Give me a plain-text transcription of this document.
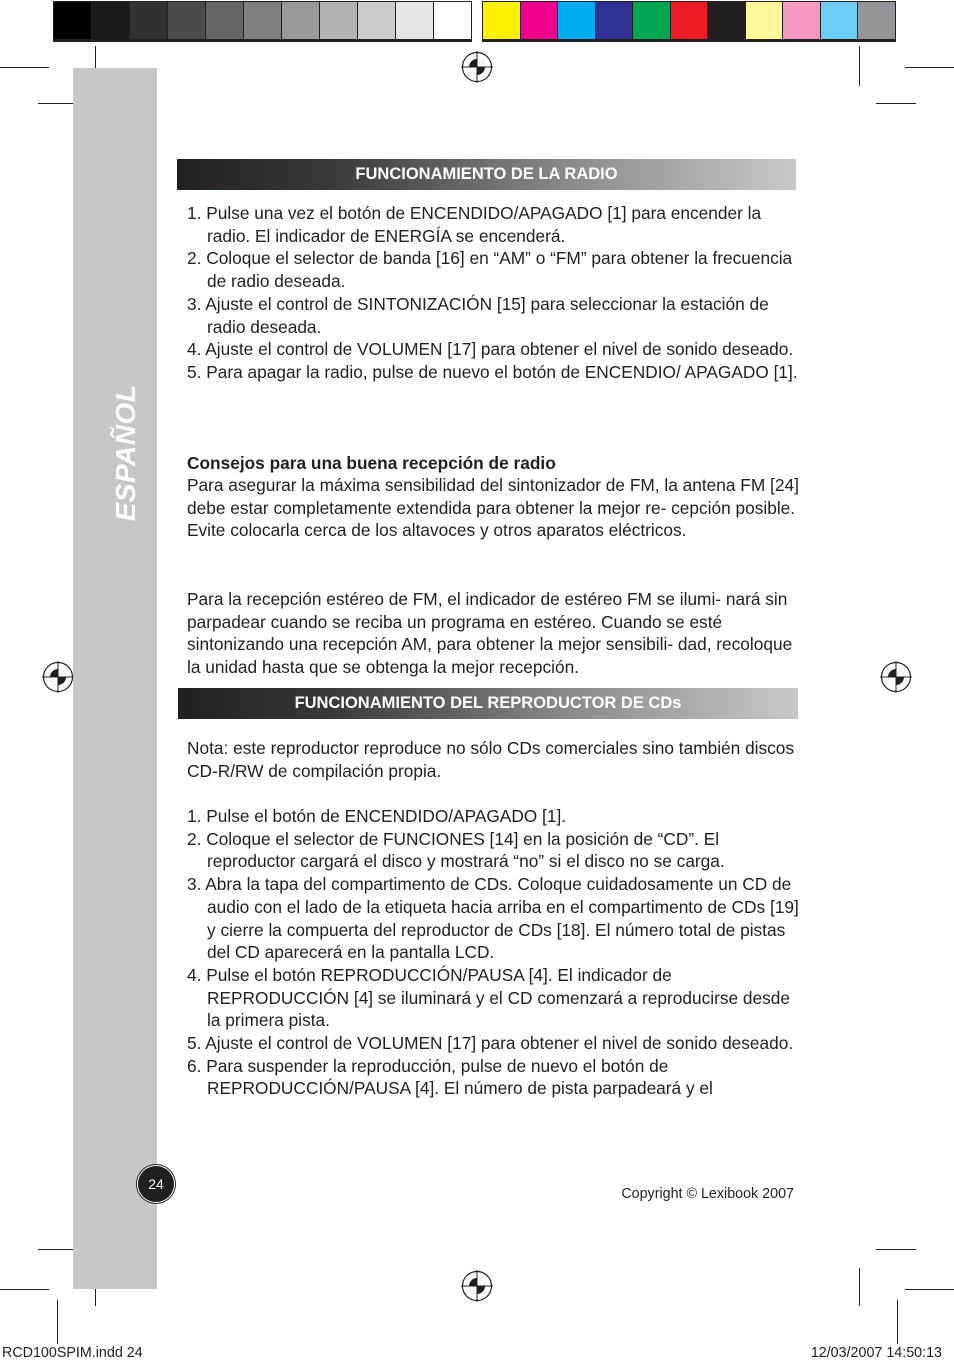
ESPAÑOL
FUNCIONAMIENTO DE LA RADIO
1. Pulse una vez el botón de ENCENDIDO/APAGADO [1] para encender la radio. El indicador de ENERGÍA se encenderá.
2. Coloque el selector de banda [16] en “AM” o “FM” para obtener la frecuencia de radio deseada.
3. Ajuste el control de SINTONIZACIÓN [15] para seleccionar la estación de radio deseada.
4. Ajuste el control de VOLUMEN [17] para obtener el nivel de sonido deseado.
5. Para apagar la radio, pulse de nuevo el botón de ENCENDIO/ APAGADO [1].

Consejos para una buena recepción de radio

Para asegurar la máxima sensibilidad del sintonizador de FM, la antena FM [24] debe estar completamente extendida para obtener la mejor re- cepción posible. Evite colocarla cerca de los altavoces y otros aparatos eléctricos.

Para la recepción estéreo de FM, el indicador de estéreo FM se ilumi- nará sin parpadear cuando se reciba un programa en estéreo. Cuando se esté sintonizando una recepción AM, para obtener la mejor sensibili- dad, recoloque la unidad hasta que se obtenga la mejor recepción.

FUNCIONAMIENTO DEL REPRODUCTOR DE CDs

Nota: este reproductor reproduce no sólo CDs comerciales sino también discos CD-R/RW de compilación propia.

1. Pulse el botón de ENCENDIDO/APAGADO [1].
2. Coloque el selector de FUNCIONES [14] en la posición de “CD”. El reproductor cargará el disco y mostrará “no” si el disco no se carga.
3. Abra la tapa del compartimento de CDs. Coloque cuidadosamente un CD de audio con el lado de la etiqueta hacia arriba en el compartimento de CDs [19] y cierre la compuerta del reproductor de CDs [18]. El número total de pistas del CD aparecerá en la pantalla LCD.
4. Pulse el botón REPRODUCCIÓN/PAUSA [4]. El indicador de REPRODUCCIÓN [4] se iluminará y el CD comenzará a reproducirse desde la primera pista.
5. Ajuste el control de VOLUMEN [17] para obtener el nivel de sonido deseado.
6. Para suspender la reproducción, pulse de nuevo el botón de REPRODUCCIÓN/PAUSA [4]. El número de pista parpadeará y el
24
Copyright © Lexibook 2007
RCD100SPIM.indd 24	12/03/2007 14:50:13
